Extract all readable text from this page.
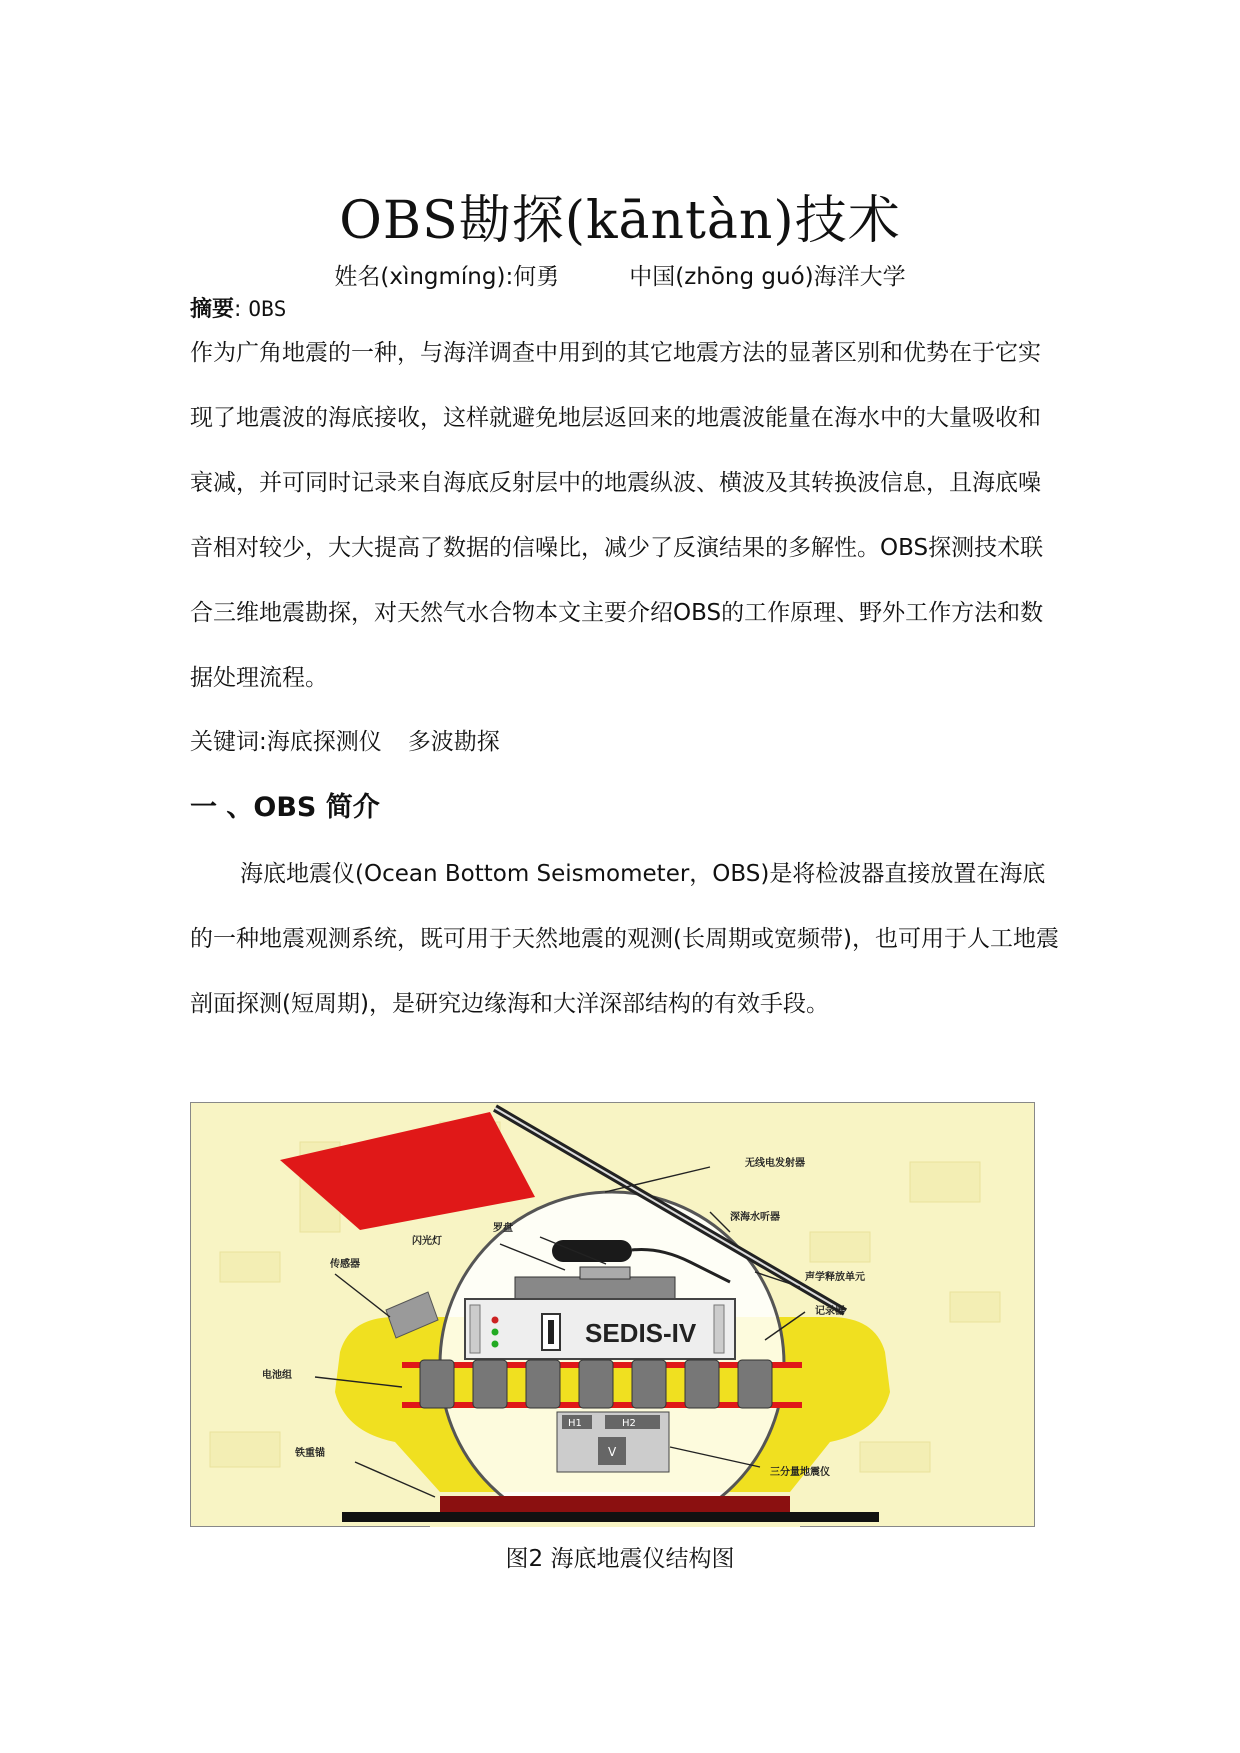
OBS勘探(kāntàn)技术
姓名(xìngmíng):何勇	中国(zhōng guó)海洋大学
摘要: OBS

作为广角地震的一种，与海洋调查中用到的其它地震方法的显著区别和优势在于它实现了地震波的海底接收，这样就避免地层返回来的地震波能量在海水中的大量吸收和衰减，并可同时记录来自海底反射层中的地震纵波、横波及其转换波信息，且海底噪音相对较少，大大提高了数据的信噪比，减少了反演结果的多解性。OBS探测技术联合三维地震勘探，对天然气水合物本文主要介绍OBS的工作原理、野外工作方法和数据处理流程。

关键词:海底探测仪 多波勘探
一 、OBS 简介

海底地震仪(Ocean Bottom Seismometer，OBS)是将检波器直接放置在海底的一种地震观测系统，既可用于天然地震的观测(长周期或宽频带)，也可用于人工地震剖面探测(短周期)，是研究边缘海和大洋深部结构的有效手段。

SEDIS-IV
H1	H2
V
无线电发射器
深海水听器
罗盘
闪光灯
传感器
声学释放单元
记录器
电池组
铁重锚
三分量地震仪
图2 海底地震仪结构图
